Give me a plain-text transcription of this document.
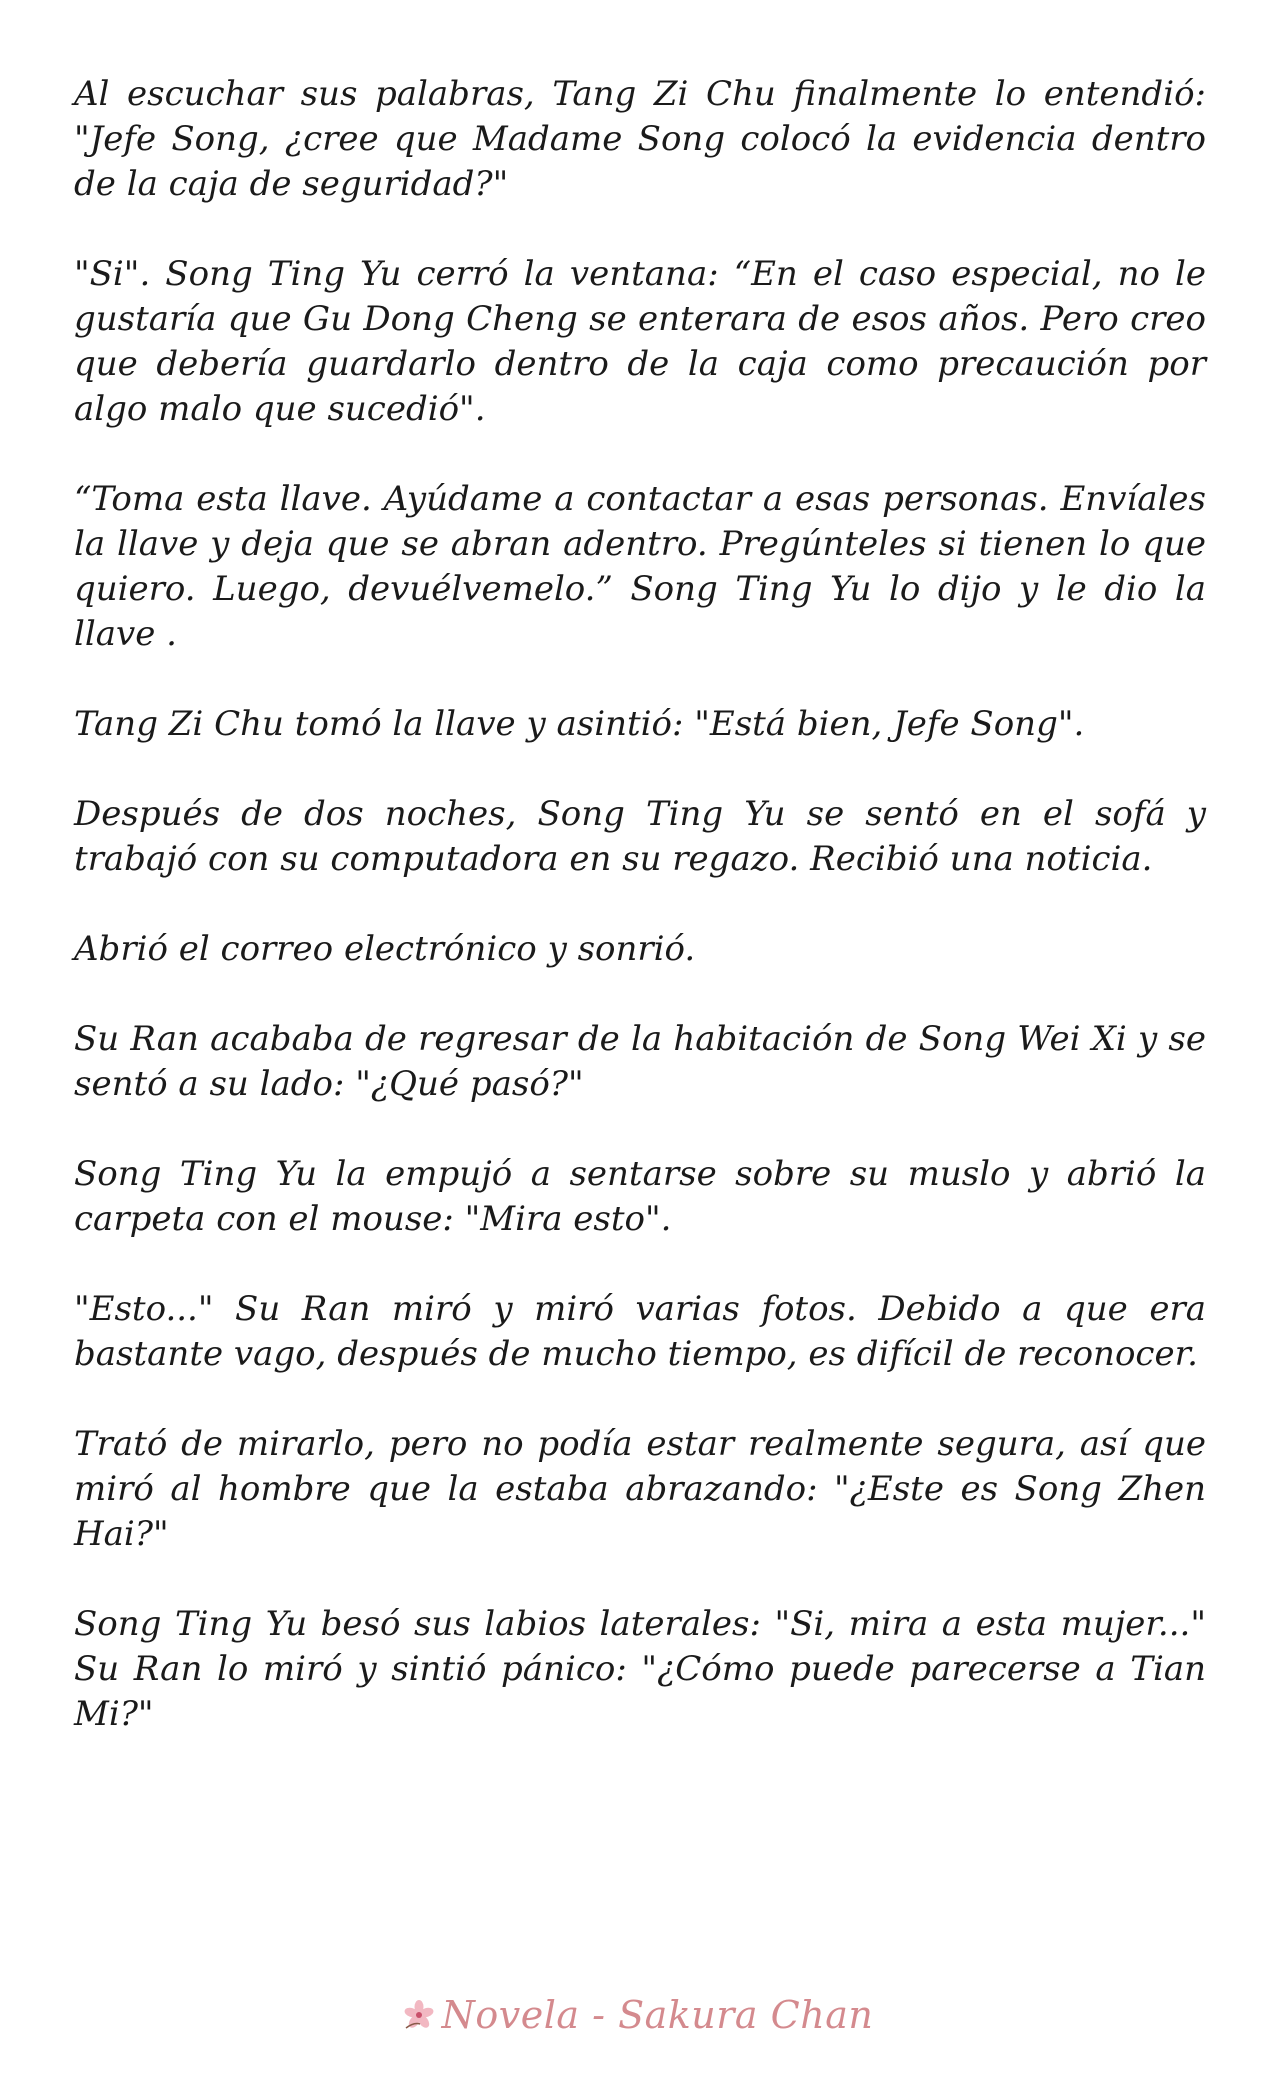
Al escuchar sus palabras, Tang Zi Chu finalmente lo entendió: "Jefe Song, ¿cree que Madame Song colocó la evidencia dentro de la caja de seguridad?"

"Si". Song Ting Yu cerró la ventana: “En el caso especial, no le gustaría que Gu Dong Cheng se enterara de esos años. Pero creo que debería guardarlo dentro de la caja como precaución por algo malo que sucedió".

“Toma esta llave. Ayúdame a contactar a esas personas. Envíales la llave y deja que se abran adentro. Pregúnteles si tienen lo que quiero. Luego, devuélvemelo.” Song Ting Yu lo dijo y le dio la llave .

Tang Zi Chu tomó la llave y asintió: "Está bien, Jefe Song".

Después de dos noches, Song Ting Yu se sentó en el sofá y trabajó con su computadora en su regazo. Recibió una noticia.

Abrió el correo electrónico y sonrió.

Su Ran acababa de regresar de la habitación de Song Wei Xi y se sentó a su lado: "¿Qué pasó?"

Song Ting Yu la empujó a sentarse sobre su muslo y abrió la carpeta con el mouse: "Mira esto".

"Esto..." Su Ran miró y miró varias fotos. Debido a que era bastante vago, después de mucho tiempo, es difícil de reconocer.

Trató de mirarlo, pero no podía estar realmente segura, así que miró al hombre que la estaba abrazando: "¿Este es Song Zhen Hai?"

Song Ting Yu besó sus labios laterales: "Si, mira a esta mujer..." Su Ran lo miró y sintió pánico: "¿Cómo puede parecerse a Tian Mi?"

Novela - Sakura Chan
